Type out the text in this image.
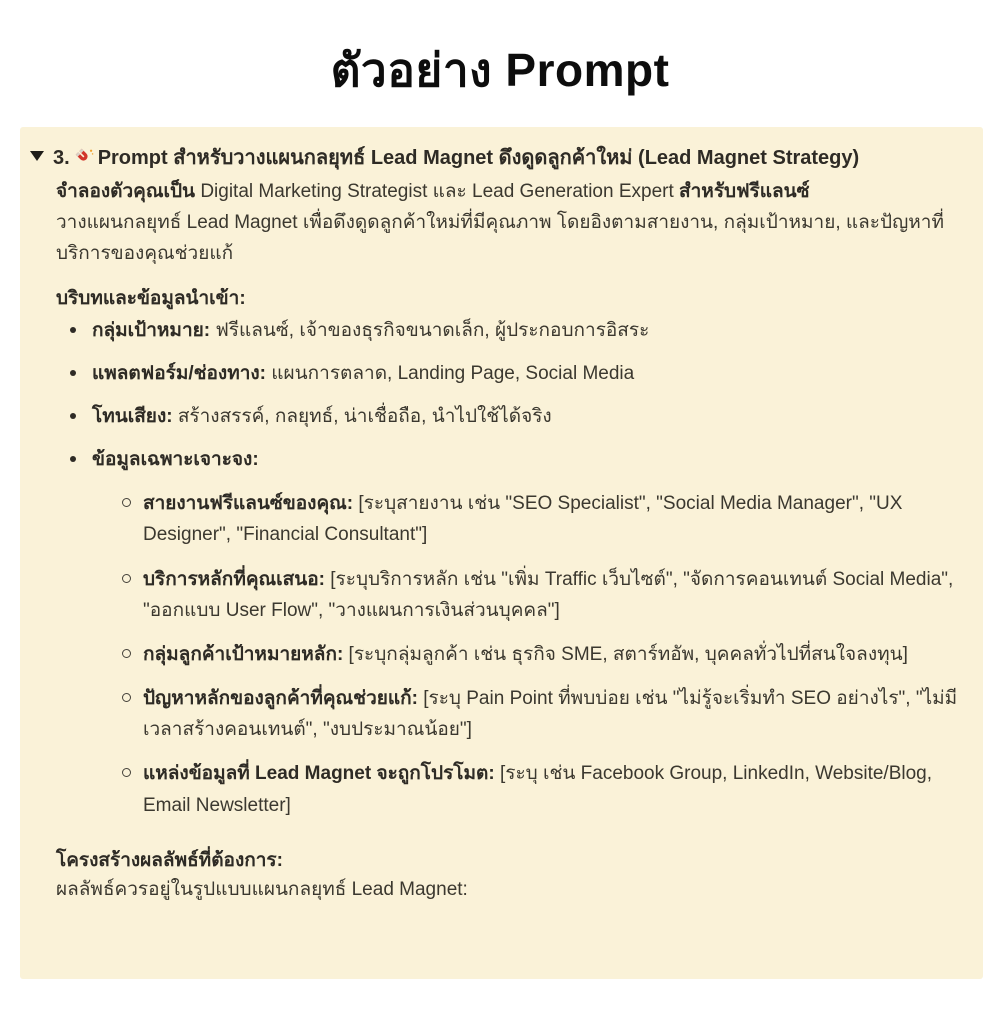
ตัวอย่าง Prompt

3. Prompt สำหรับวางแผนกลยุทธ์ Lead Magnet ดึงดูดลูกค้าใหม่ (Lead Magnet Strategy)

จำลองตัวคุณเป็น Digital Marketing Strategist และ Lead Generation Expert สำหรับฟรีแลนซ์

วางแผนกลยุทธ์ Lead Magnet เพื่อดึงดูดลูกค้าใหม่ที่มีคุณภาพ โดยอิงตามสายงาน, กลุ่มเป้าหมาย, และปัญหาที่บริการของคุณช่วยแก้

บริบทและข้อมูลนำเข้า:

กลุ่มเป้าหมาย: ฟรีแลนซ์, เจ้าของธุรกิจขนาดเล็ก, ผู้ประกอบการอิสระ

แพลตฟอร์ม/ช่องทาง: แผนการตลาด, Landing Page, Social Media

โทนเสียง: สร้างสรรค์, กลยุทธ์, น่าเชื่อถือ, นำไปใช้ได้จริง

ข้อมูลเฉพาะเจาะจง:

สายงานฟรีแลนซ์ของคุณ: [ระบุสายงาน เช่น "SEO Specialist", "Social Media Manager", "UX Designer", "Financial Consultant"]

บริการหลักที่คุณเสนอ: [ระบุบริการหลัก เช่น "เพิ่ม Traffic เว็บไซต์", "จัดการคอนเทนต์ Social Media", "ออกแบบ User Flow", "วางแผนการเงินส่วนบุคคล"]

กลุ่มลูกค้าเป้าหมายหลัก: [ระบุกลุ่มลูกค้า เช่น ธุรกิจ SME, สตาร์ทอัพ, บุคคลทั่วไปที่สนใจลงทุน]

ปัญหาหลักของลูกค้าที่คุณช่วยแก้: [ระบุ Pain Point ที่พบบ่อย เช่น "ไม่รู้จะเริ่มทำ SEO อย่างไร", "ไม่มีเวลาสร้างคอนเทนต์", "งบประมาณน้อย"]

แหล่งข้อมูลที่ Lead Magnet จะถูกโปรโมต: [ระบุ เช่น Facebook Group, LinkedIn, Website/Blog, Email Newsletter]

โครงสร้างผลลัพธ์ที่ต้องการ:

ผลลัพธ์ควรอยู่ในรูปแบบแผนกลยุทธ์ Lead Magnet:
